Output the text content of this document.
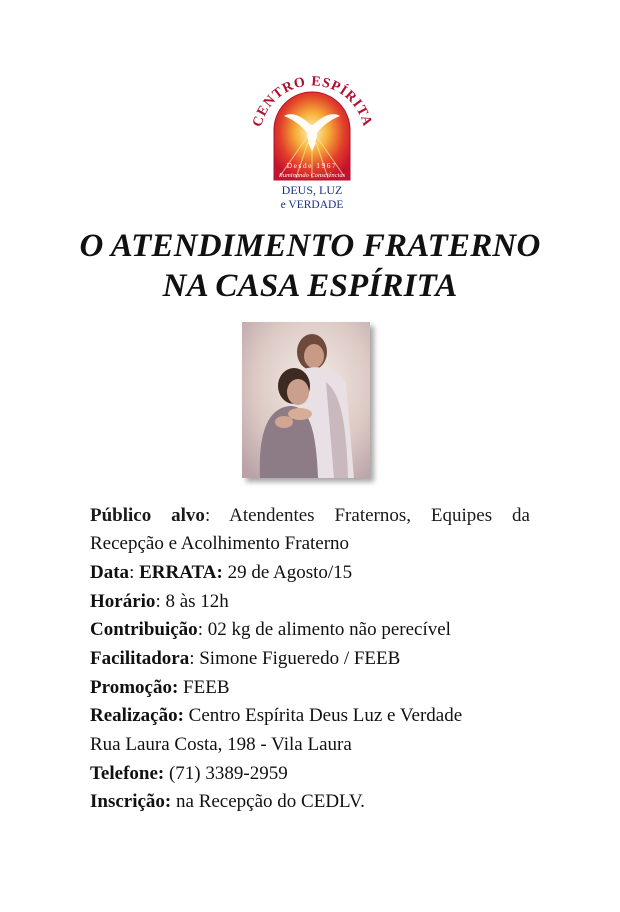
CENTRO ESPÍRITA
Desde 1967
Iluminando Consciências
DEUS, LUZ
e VERDADE
O ATENDIMENTO FRATERNO
NA CASA ESPÍRITA
Público alvo: Atendentes Fraternos, Equipes da
Recepção e Acolhimento Fraterno
Data: ERRATA: 29 de Agosto/15
Horário: 8 às 12h
Contribuição: 02 kg de alimento não perecível
Facilitadora: Simone Figueredo / FEEB
Promoção: FEEB
Realização: Centro Espírita Deus Luz e Verdade
Rua Laura Costa, 198 - Vila Laura
Telefone: (71) 3389-2959
Inscrição: na Recepção do CEDLV.
